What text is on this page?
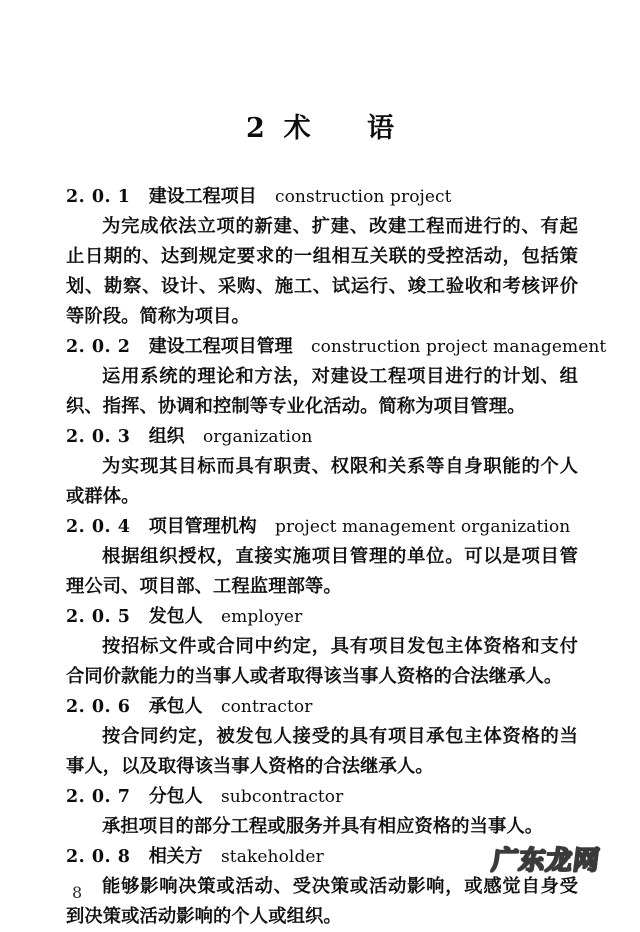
2  术      语
2. 0. 1 建设工程项目 construction project
为完成依法立项的新建、扩建、改建工程而进行的、有起止日期的、达到规定要求的一组相互关联的受控活动，包括策划、勘察、设计、采购、施工、试运行、竣工验收和考核评价等阶段。简称为项目。
2. 0. 2 建设工程项目管理 construction project management
运用系统的理论和方法，对建设工程项目进行的计划、组织、指挥、协调和控制等专业化活动。简称为项目管理。
2. 0. 3 组织 organization
为实现其目标而具有职责、权限和关系等自身职能的个人或群体。
2. 0. 4 项目管理机构 project management organization
根据组织授权，直接实施项目管理的单位。可以是项目管理公司、项目部、工程监理部等。
2. 0. 5 发包人 employer
按招标文件或合同中约定，具有项目发包主体资格和支付合同价款能力的当事人或者取得该当事人资格的合法继承人。
2. 0. 6 承包人 contractor
按合同约定，被发包人接受的具有项目承包主体资格的当事人，以及取得该当事人资格的合法继承人。
2. 0. 7 分包人 subcontractor
承担项目的部分工程或服务并具有相应资格的当事人。
2. 0. 8 相关方 stakeholder
能够影响决策或活动、受决策或活动影响，或感觉自身受到决策或活动影响的个人或组织。
8
广东龙网
